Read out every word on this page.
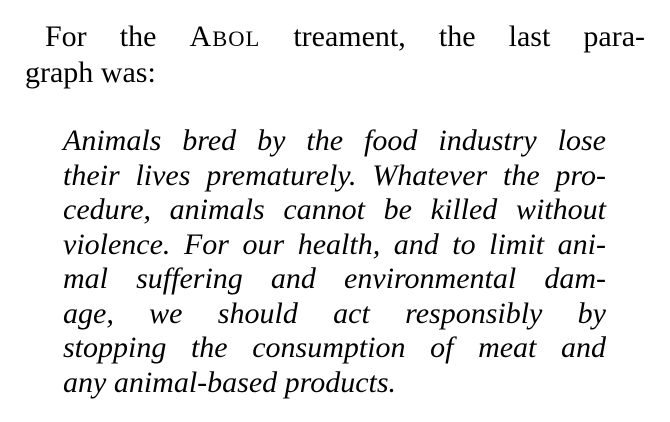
For the ABOL treament, the last para-
graph was:

Animals bred by the food industry lose
their lives prematurely. Whatever the pro-
cedure, animals cannot be killed without
violence. For our health, and to limit ani-
mal suffering and environmental dam-
age, we should act responsibly by
stopping the consumption of meat and
any animal-based products.
